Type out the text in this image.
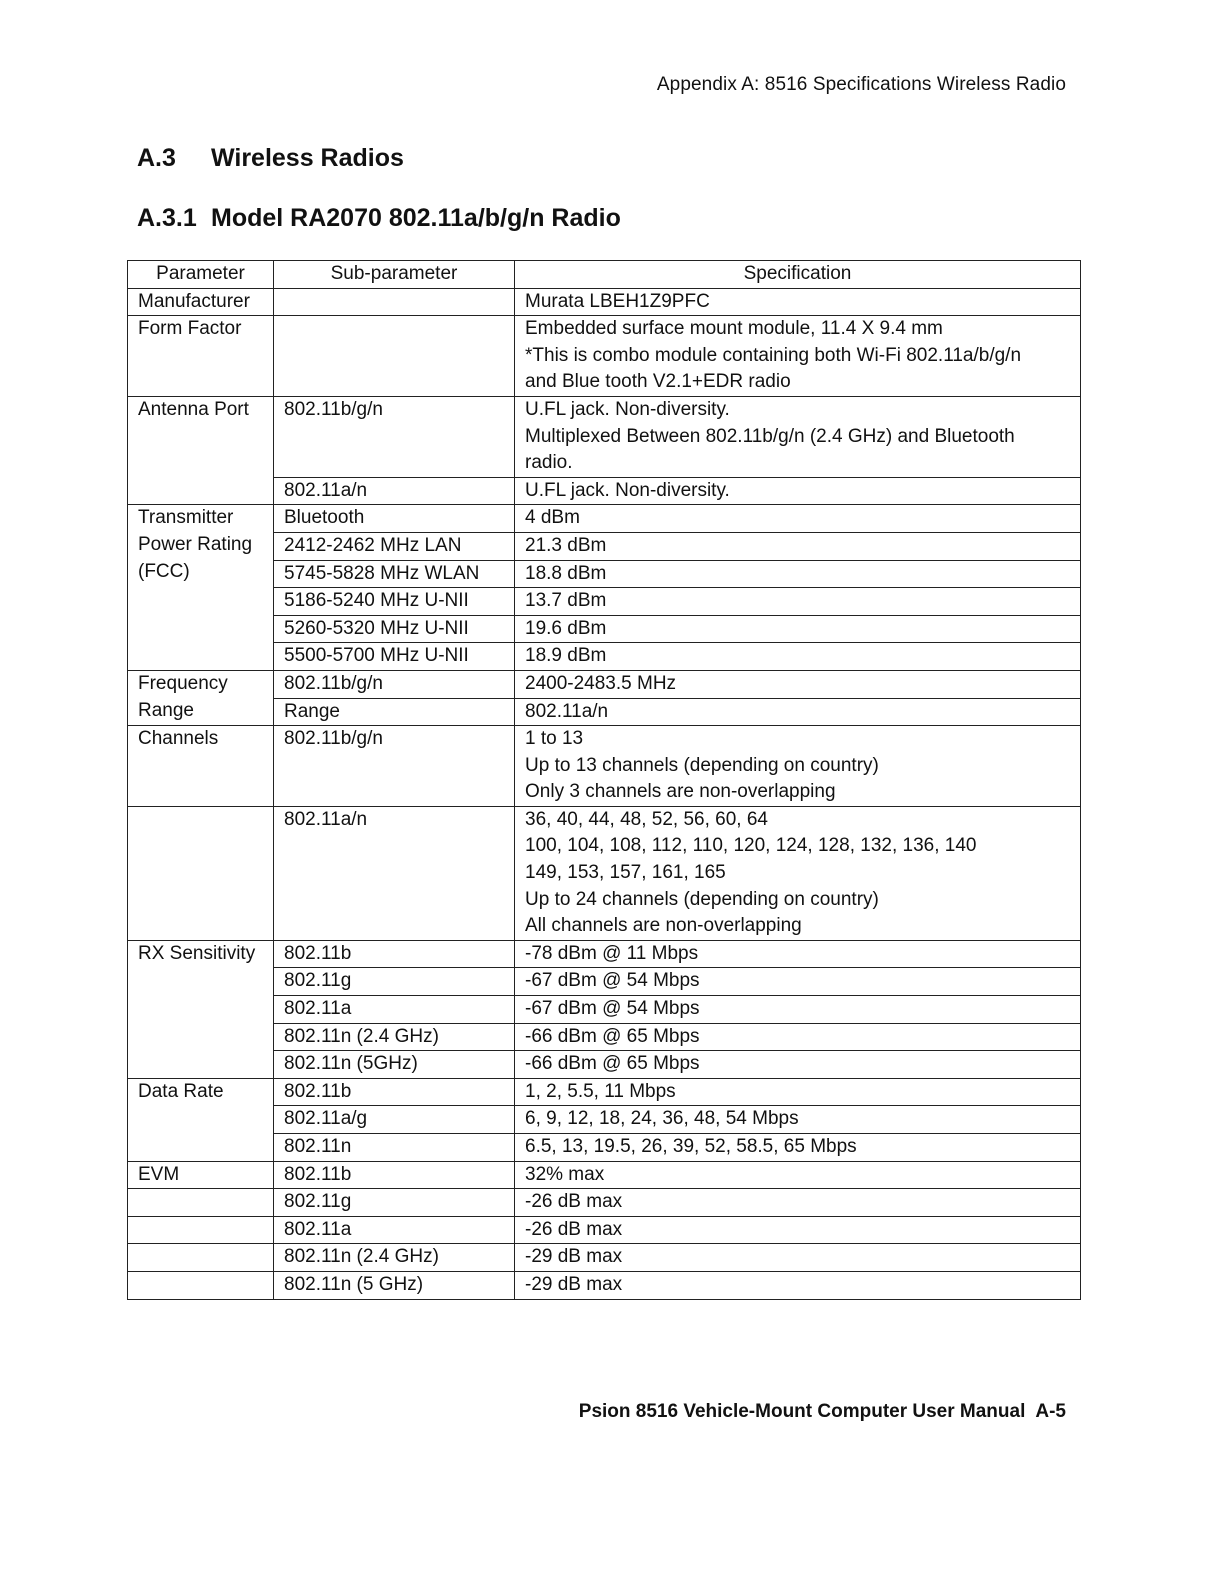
Appendix A: 8516 Specifications Wireless Radio
A.3 Wireless Radios
A.3.1 Model RA2070 802.11a/b/g/n Radio
Parameter	Sub-parameter	Specification	
Manufacturer		Murata LBEH1Z9PFC	

Form Factor		Embedded surface mount module, 11.4 X 9.4 mm
*This is combo module containing both Wi-Fi 802.11a/b/g/n
and Blue tooth V2.1+EDR radio	

Antenna Port	802.11b/g/n	U.FL jack. Non-diversity.
Multiplexed Between 802.11b/g/n (2.4 GHz) and Bluetooth
radio.	

	802.11a/n	U.FL jack. Non-diversity.	

Transmitter
Power Rating
(FCC)	Bluetooth	4 dBm	

	2412-2462 MHz LAN	21.3 dBm	

	5745-5828 MHz WLAN	18.8 dBm	

	5186-5240 MHz U-NII	13.7 dBm	

	5260-5320 MHz U-NII	19.6 dBm	

	5500-5700 MHz U-NII	18.9 dBm	

Frequency
Range	802.11b/g/n	2400-2483.5 MHz	

	Range	802.11a/n	

Channels	802.11b/g/n	1 to 13
Up to 13 channels (depending on country)
Only 3 channels are non-overlapping	

	802.11a/n	36, 40, 44, 48, 52, 56, 60, 64
100, 104, 108, 112, 110, 120, 124, 128, 132, 136, 140
149, 153, 157, 161, 165
Up to 24 channels (depending on country)
All channels are non-overlapping	

RX Sensitivity	802.11b	-78 dBm @ 11 Mbps	

	802.11g	-67 dBm @ 54 Mbps	

	802.11a	-67 dBm @ 54 Mbps	

	802.11n (2.4 GHz)	-66 dBm @ 65 Mbps	

	802.11n (5GHz)	-66 dBm @ 65 Mbps	

Data Rate	802.11b	1, 2, 5.5, 11 Mbps	

	802.11a/g	6, 9, 12, 18, 24, 36, 48, 54 Mbps	

	802.11n	6.5, 13, 19.5, 26, 39, 52, 58.5, 65 Mbps	

EVM	802.11b	32% max	

	802.11g	-26 dB max	

	802.11a	-26 dB max	

	802.11n (2.4 GHz)	-29 dB max	

	802.11n (5 GHz)	-29 dB max	
Psion 8516 Vehicle-Mount Computer User Manual A-5
